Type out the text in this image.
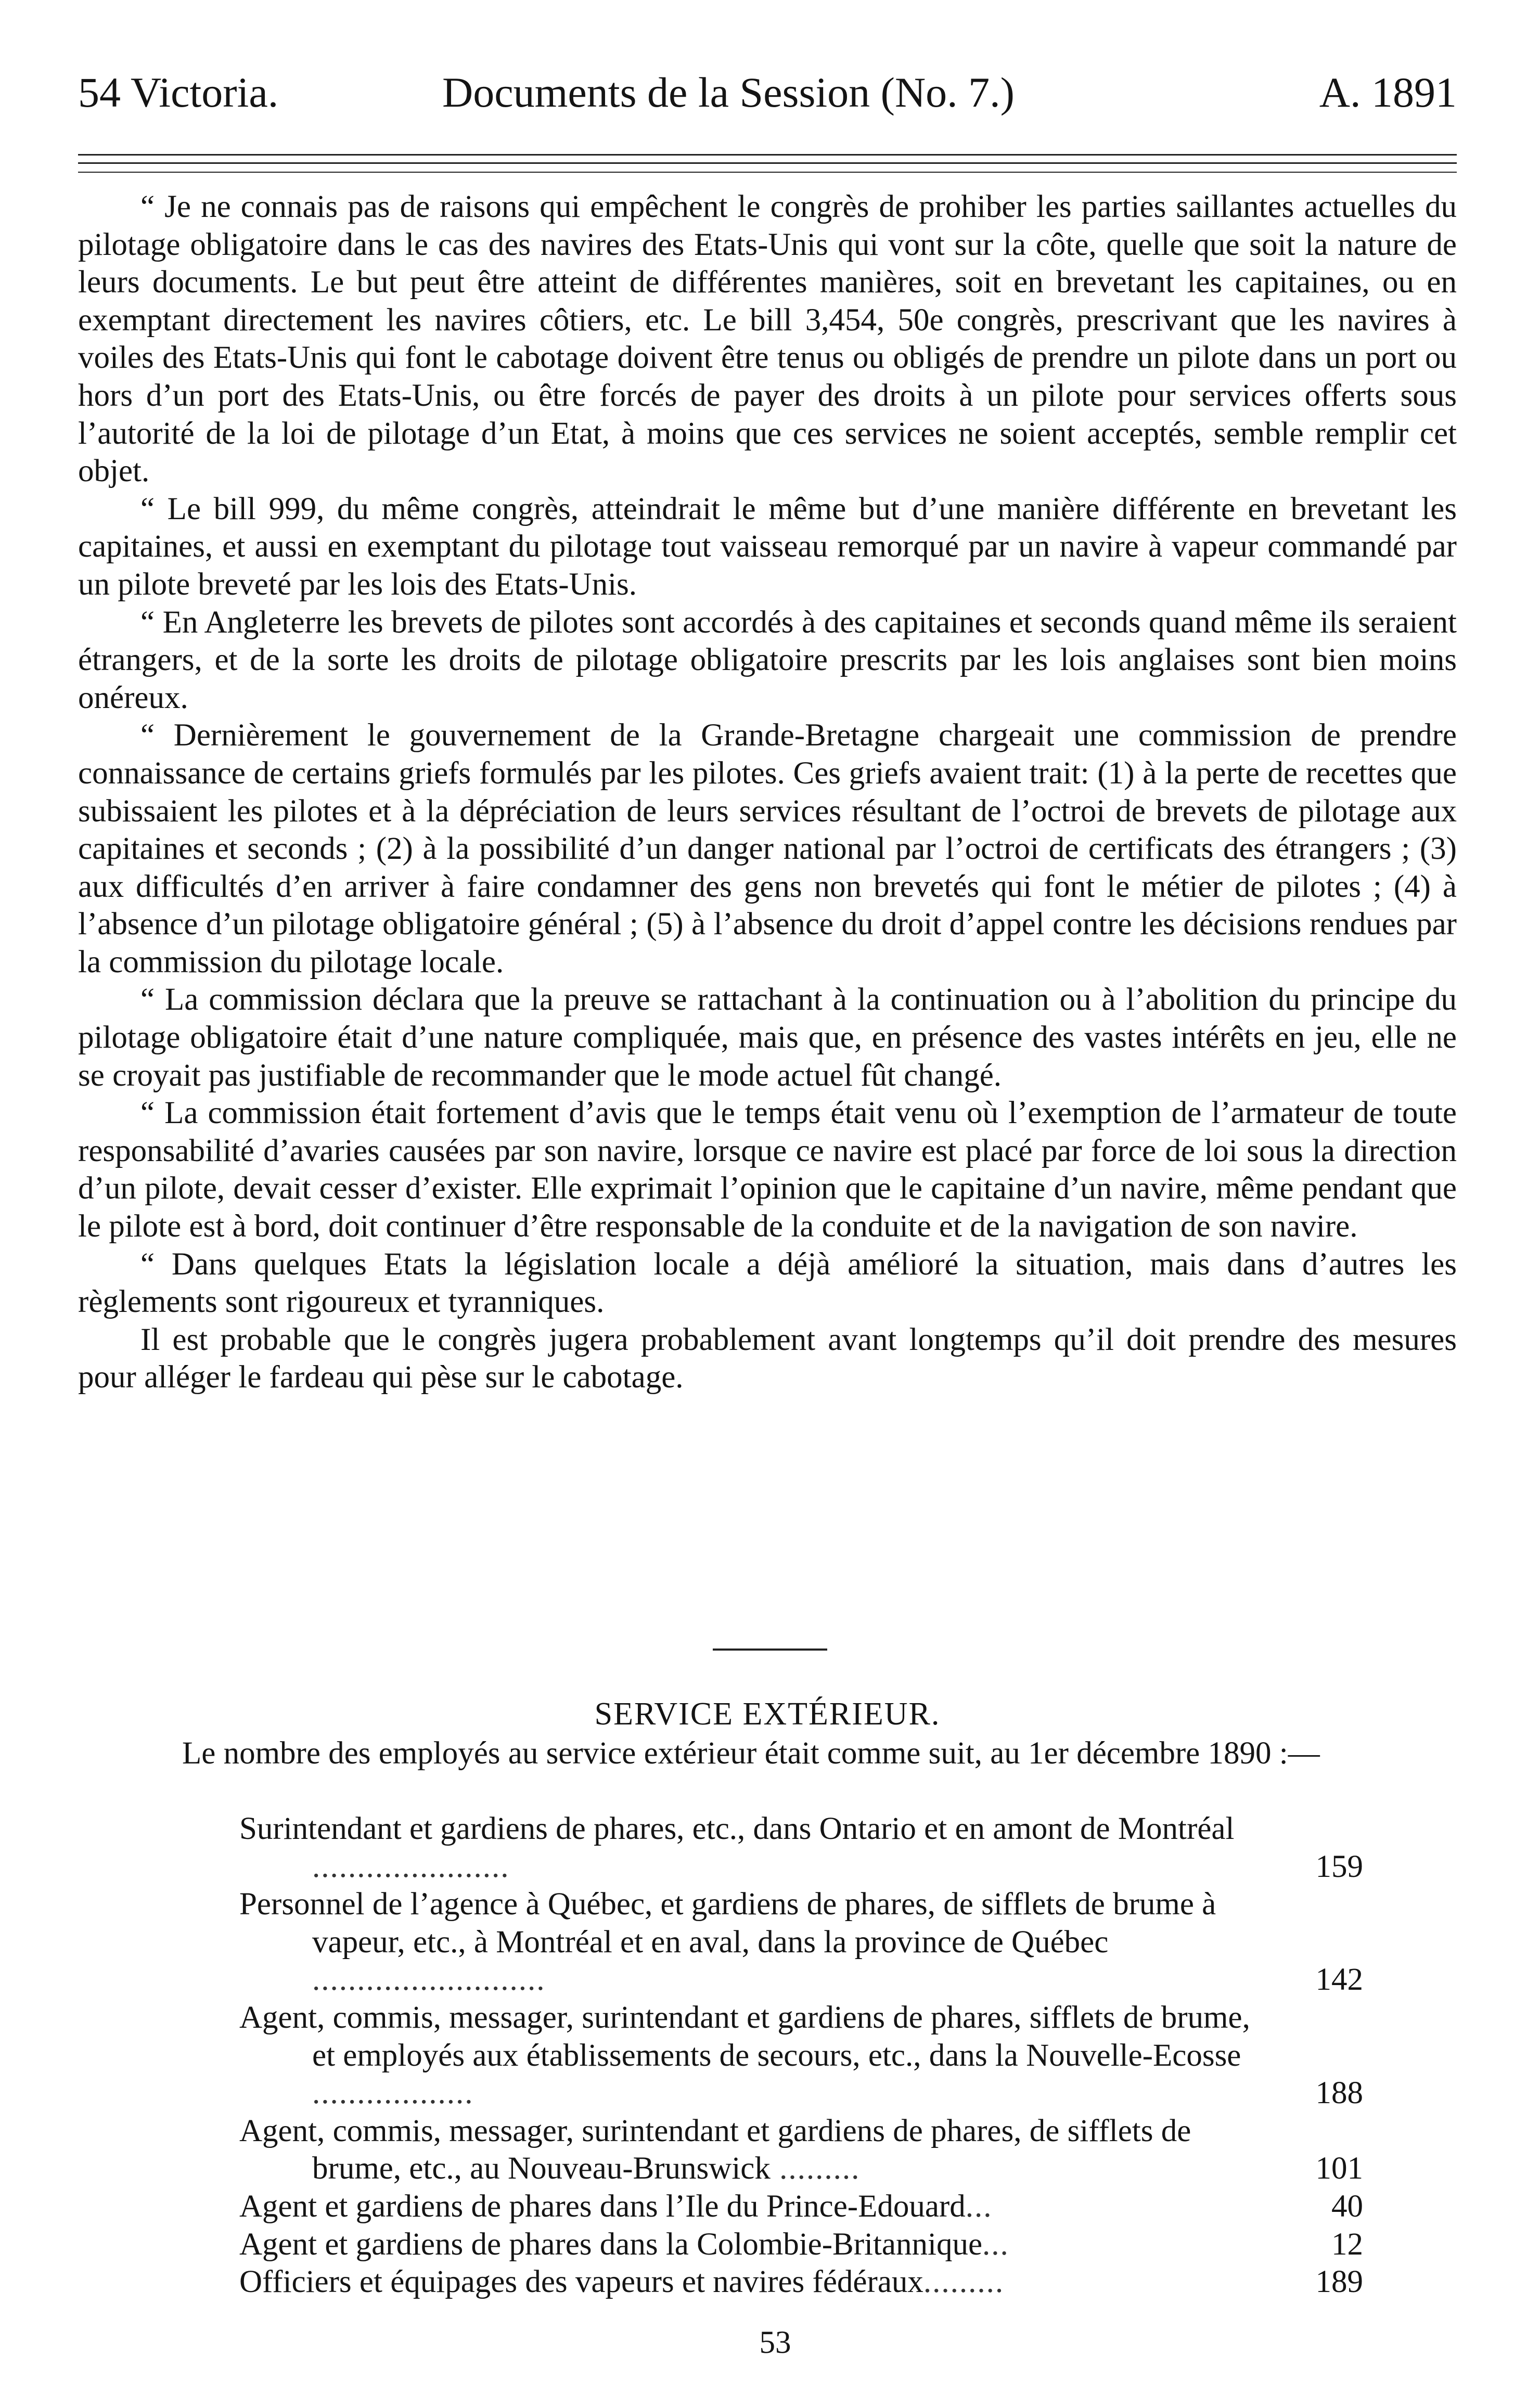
54 Victoria.	Documents de la Session (No. 7.)	A. 1891

“ Je ne connais pas de raisons qui empêchent le congrès de prohiber les parties saillantes actuelles du pilotage obligatoire dans le cas des navires des Etats-Unis qui vont sur la côte, quelle que soit la nature de leurs documents. Le but peut être atteint de différentes manières, soit en brevetant les capitaines, ou en exemptant directement les navires côtiers, etc. Le bill 3,454, 50e congrès, prescrivant que les navires à voiles des Etats-Unis qui font le cabotage doivent être tenus ou obligés de prendre un pilote dans un port ou hors d’un port des Etats-Unis, ou être forcés de payer des droits à un pilote pour services offerts sous l’autorité de la loi de pilotage d’un Etat, à moins que ces services ne soient acceptés, semble remplir cet objet.

“ Le bill 999, du même congrès, atteindrait le même but d’une manière différente en brevetant les capitaines, et aussi en exemptant du pilotage tout vaisseau remorqué par un navire à vapeur commandé par un pilote breveté par les lois des Etats-Unis.

“ En Angleterre les brevets de pilotes sont accordés à des capitaines et seconds quand même ils seraient étrangers, et de la sorte les droits de pilotage obligatoire prescrits par les lois anglaises sont bien moins onéreux.

“ Dernièrement le gouvernement de la Grande-Bretagne chargeait une commission de prendre connaissance de certains griefs formulés par les pilotes. Ces griefs avaient trait: (1) à la perte de recettes que subissaient les pilotes et à la dépréciation de leurs services résultant de l’octroi de brevets de pilotage aux capitaines et seconds ; (2) à la possibilité d’un danger national par l’octroi de certificats des étrangers ; (3) aux difficultés d’en arriver à faire condamner des gens non brevetés qui font le métier de pilotes ; (4) à l’absence d’un pilotage obligatoire général ; (5) à l’absence du droit d’appel contre les décisions rendues par la commission du pilotage locale.

“ La commission déclara que la preuve se rattachant à la continuation ou à l’abolition du principe du pilotage obligatoire était d’une nature compliquée, mais que, en présence des vastes intérêts en jeu, elle ne se croyait pas justifiable de recommander que le mode actuel fût changé.

“ La commission était fortement d’avis que le temps était venu où l’exemption de l’armateur de toute responsabilité d’avaries causées par son navire, lorsque ce navire est placé par force de loi sous la direction d’un pilote, devait cesser d’exister. Elle exprimait l’opinion que le capitaine d’un navire, même pendant que le pilote est à bord, doit continuer d’être responsable de la conduite et de la navigation de son navire.

“ Dans quelques Etats la législation locale a déjà amélioré la situation, mais dans d’autres les règlements sont rigoureux et tyranniques.

Il est probable que le congrès jugera probablement avant longtemps qu’il doit prendre des mesures pour alléger le fardeau qui pèse sur le cabotage.

SERVICE EXTÉRIEUR.

Le nombre des employés au service extérieur était comme suit, au 1er décembre 1890 :—

Surintendant et gardiens de phares, etc., dans Ontario et en amont de Montréal ......................	159
Personnel de l’agence à Québec, et gardiens de phares, de sifflets de brume à vapeur, etc., à Montréal et en aval, dans la province de Québec ..........................	142
Agent, commis, messager, surintendant et gardiens de phares, sifflets de brume, et employés aux établissements de secours, etc., dans la Nouvelle-Ecosse ..................	188
Agent, commis, messager, surintendant et gardiens de phares, de sifflets de brume, etc., au Nouveau-Brunswick .........	101
Agent et gardiens de phares dans l’Ile du Prince-Edouard...	40
Agent et gardiens de phares dans la Colombie-Britannique...	12
Officiers et équipages des vapeurs et navires fédéraux.........	189
53
